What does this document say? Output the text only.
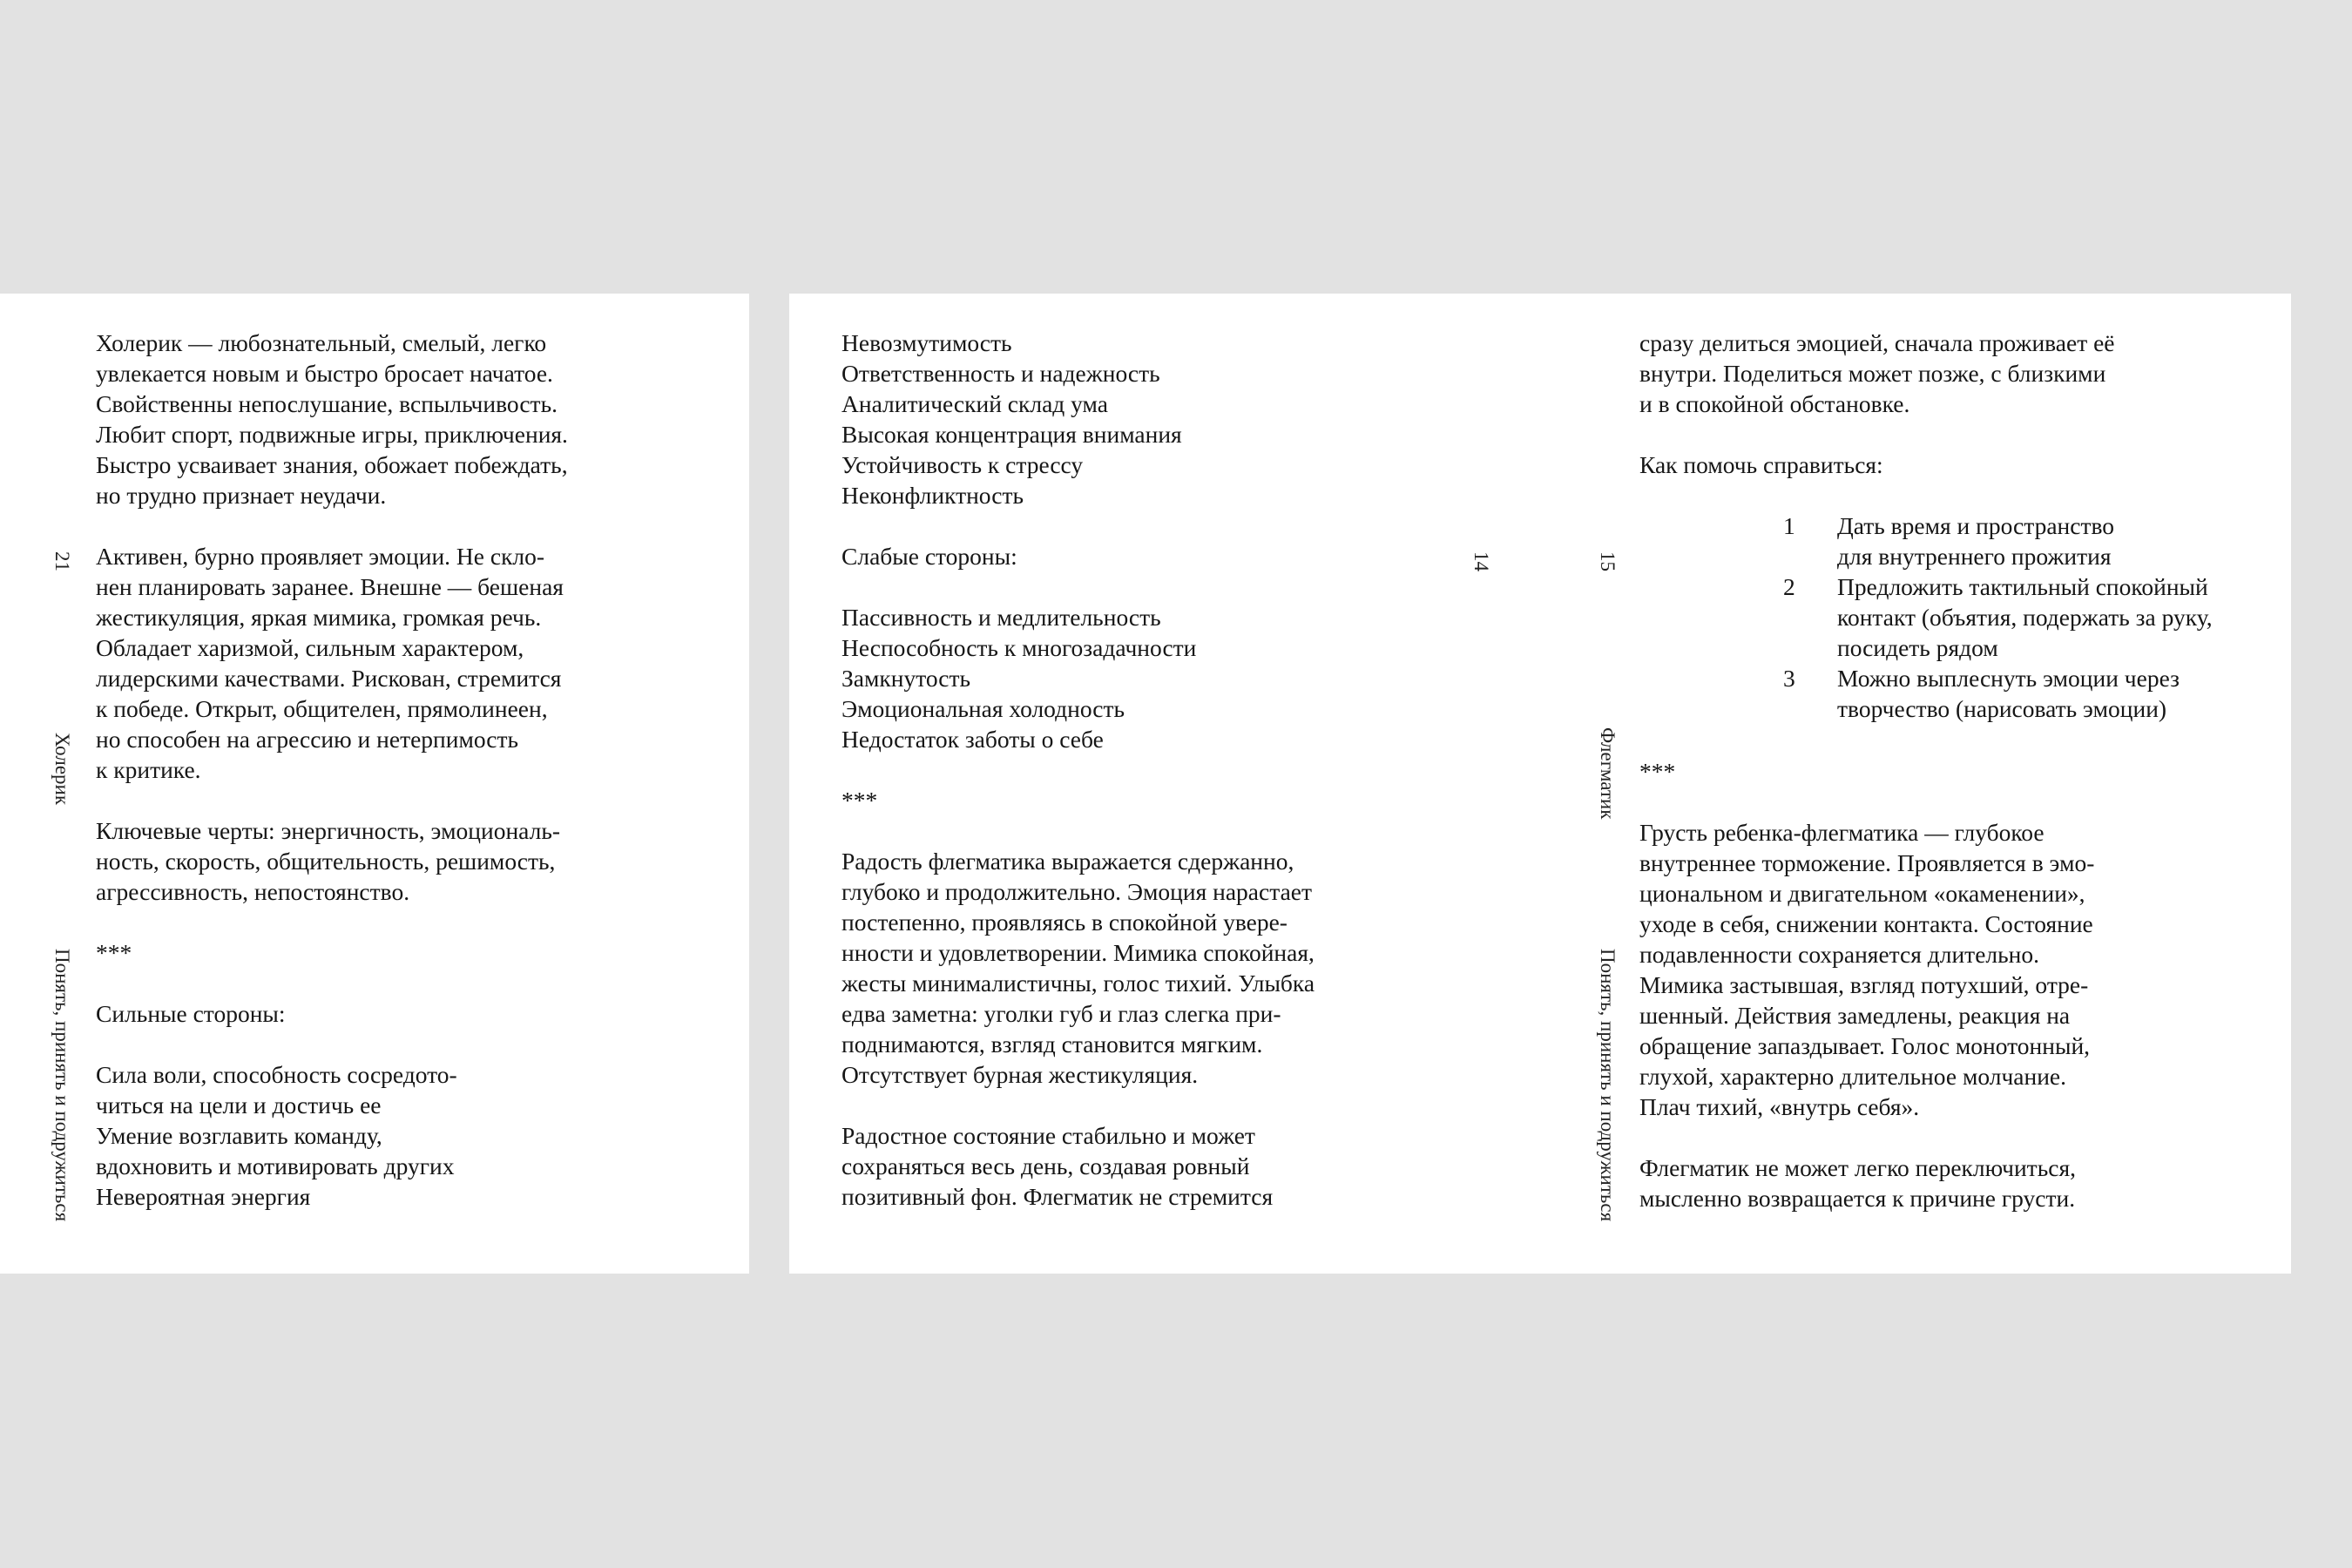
21
Холерик
Понять, принять и подружиться
Холерик — любознательный, смелый, легко
увлекается новым и быстро бросает начатое.
Свойственны непослушание, вспыльчивость.
Любит спорт, подвижные игры, приключения.
Быстро усваивает знания, обожает побеждать,
но трудно признает неудачи.
Активен, бурно проявляет эмоции. Не скло-
нен планировать заранее. Внешне — бешеная
жестикуляция, яркая мимика, громкая речь.
Обладает харизмой, сильным характером,
лидерскими качествами. Рискован, стремится
к победе. Открыт, общителен, прямолинеен,
но способен на агрессию и нетерпимость
к критике.
Ключевые черты: энергичность, эмоциональ-
ность, скорость, общительность, решимость,
агрессивность, непостоянство.
***
Сильные стороны:
Сила воли, способность сосредото-
читься на цели и достичь ее
Умение возглавить команду,
вдохновить и мотивировать других
Невероятная энергия
Невозмутимость
Ответственность и надежность
Аналитический склад ума
Высокая концентрация внимания
Устойчивость к стрессу
Неконфликтность
Слабые стороны:
Пассивность и медлительность
Неспособность к многозадачности
Замкнутость
Эмоциональная холодность
Недостаток заботы о себе
***
Радость флегматика выражается сдержанно,
глубоко и продолжительно. Эмоция нарастает
постепенно, проявляясь в спокойной увере-
нности и удовлетворении. Мимика спокойная,
жесты минималистичны, голос тихий. Улыбка
едва заметна: уголки губ и глаз слегка при-
поднимаются, взгляд становится мягким.
Отсутствует бурная жестикуляция.
Радостное состояние стабильно и может
сохраняться весь день, создавая ровный
позитивный фон. Флегматик не стремится
14	15
Флегматик
Понять, принять и подружиться
сразу делиться эмоцией, сначала проживает её
внутри. Поделиться может позже, с близкими
и в спокойной обстановке.
Как помочь справиться:
1	Дать время и пространство
для внутреннего прожития
2	Предложить тактильный спокойный
контакт (объятия, подержать за руку,
посидеть рядом
3	Можно выплеснуть эмоции через
творчество (нарисовать эмоции)
***
Грусть ребенка-флегматика — глубокое
внутреннее торможение. Проявляется в эмо-
циональном и двигательном «окаменении»,
уходе в себя, снижении контакта. Состояние
подавленности сохраняется длительно.
Мимика застывшая, взгляд потухший, отре-
шенный. Действия замедлены, реакция на
обращение запаздывает. Голос монотонный,
глухой, характерно длительное молчание.
Плач тихий, «внутрь себя».
Флегматик не может легко переключиться,
мысленно возвращается к причине грусти.
